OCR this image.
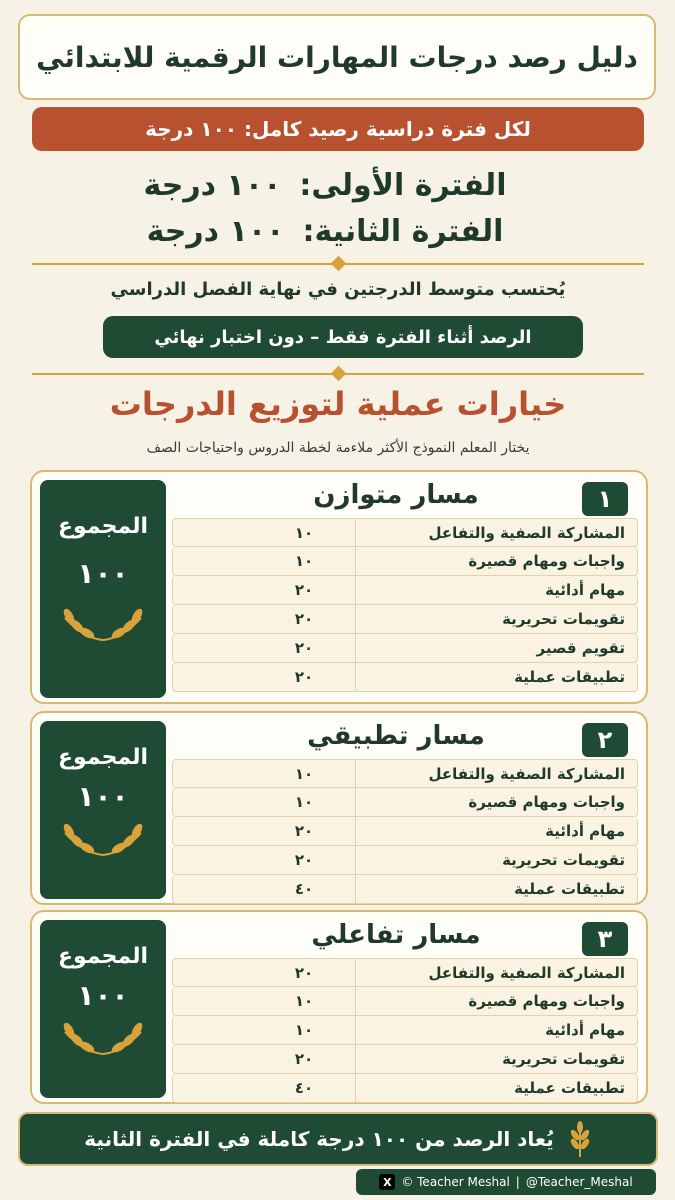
دليل رصد درجات المهارات الرقمية للابتدائي
لكل فترة دراسية رصيد كامل: ١٠٠ درجة
الفترة الأولى:
١٠٠ درجة
الفترة الثانية:
١٠٠ درجة
يُحتسب متوسط الدرجتين في نهاية الفصل الدراسي
الرصد أثناء الفترة فقط – دون اختبار نهائي
خيارات عملية لتوزيع الدرجات
يختار المعلم النموذج الأكثر ملاءمة لخطة الدروس واحتياجات الصف
١
مسار متوازن
المجموع
١٠٠
المشاركة الصفية والتفاعل
١٠
واجبات ومهام قصيرة
١٠
مهام أدائية
٢٠
تقويمات تحريرية
٢٠
تقويم قصير
٢٠
تطبيقات عملية
٢٠
٢
مسار تطبيقي
المجموع
١٠٠
المشاركة الصفية والتفاعل
١٠
واجبات ومهام قصيرة
١٠
مهام أدائية
٢٠
تقويمات تحريرية
٢٠
تطبيقات عملية
٤٠
٣
مسار تفاعلي
المجموع
١٠٠
المشاركة الصفية والتفاعل
٢٠
واجبات ومهام قصيرة
١٠
مهام أدائية
١٠
تقويمات تحريرية
٢٠
تطبيقات عملية
٤٠
يُعاد الرصد من ١٠٠ درجة كاملة في الفترة الثانية
X © Teacher Meshal | @Teacher_Meshal
